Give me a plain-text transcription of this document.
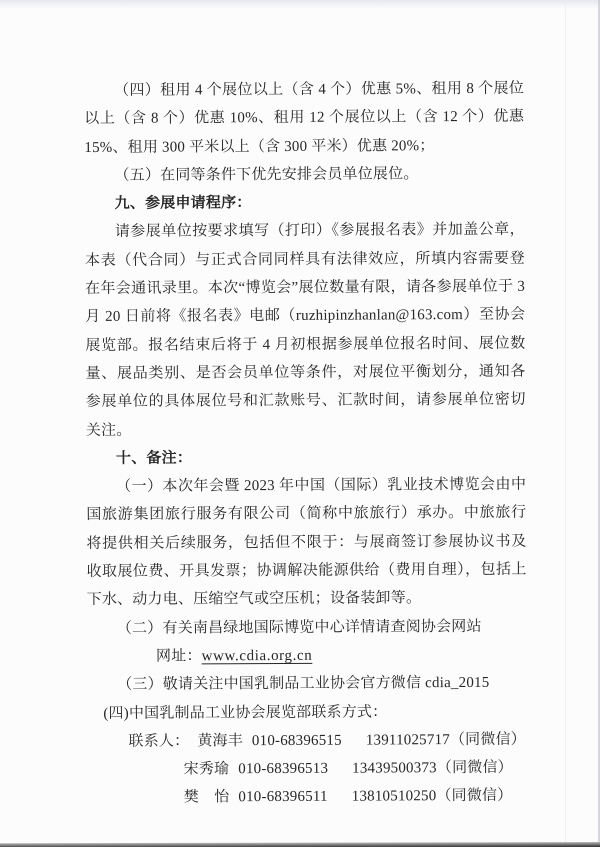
（四）租用 4 个展位以上（含 4 个）优惠 5%、租用 8 个展位以上（含 8 个）优惠 10%、租用 12 个展位以上（含 12 个）优惠 15%、租用 300 平米以上（含 300 平米）优惠 20%；

（五）在同等条件下优先安排会员单位展位。

九、参展申请程序：

请参展单位按要求填写（打印）《参展报名表》并加盖公章，本表（代合同）与正式合同同样具有法律效应，所填内容需要登在年会通讯录里。本次“博览会”展位数量有限，请各参展单位于 3 月 20 日前将《报名表》电邮（ruzhipinzhanlan@163.com）至协会展览部。报名结束后将于 4 月初根据参展单位报名时间、展位数量、展品类别、是否会员单位等条件，对展位平衡划分，通知各参展单位的具体展位号和汇款账号、汇款时间，请参展单位密切关注。

十、备注：

（一）本次年会暨 2023 年中国（国际）乳业技术博览会由中国旅游集团旅行服务有限公司（简称中旅旅行）承办。中旅旅行将提供相关后续服务，包括但不限于：与展商签订参展协议书及收取展位费、开具发票；协调解决能源供给（费用自理），包括上下水、动力电、压缩空气或空压机；设备装卸等。

（二）有关南昌绿地国际博览中心详情请查阅协会网站

网址：www.cdia.org.cn

（三）敬请关注中国乳制品工业协会官方微信 cdia_2015

(四)中国乳制品工业协会展览部联系方式：

联系人： 黄海丰 010-68396515 13911025717 （同微信）
宋秀瑜 010-68396513 13439500373 （同微信）
樊　怡 010-68396511 13810510250 （同微信）
